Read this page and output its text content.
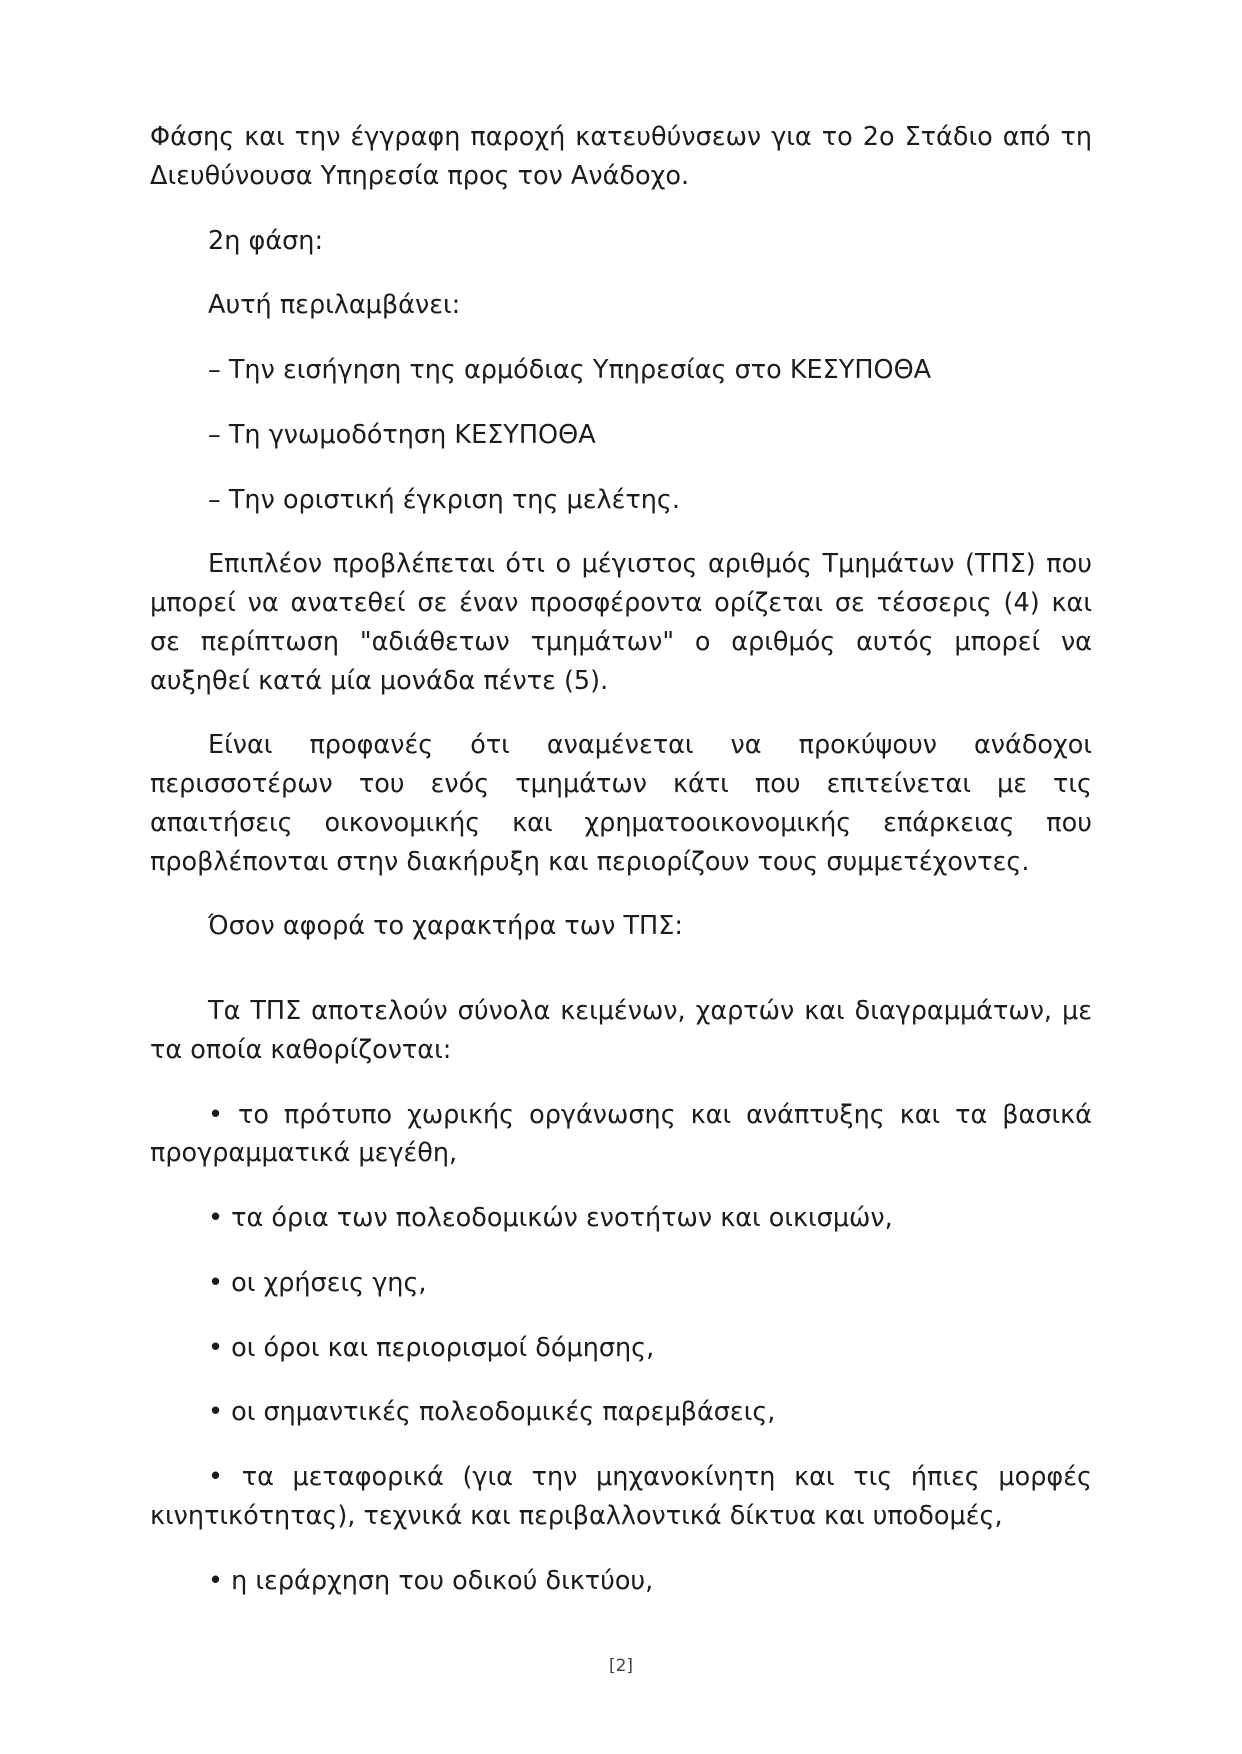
Φάσης και την έγγραφη παροχή κατευθύνσεων για το 2ο Στάδιο από τη Διευθύνουσα Υπηρεσία προς τον Ανάδοχο.

2η φάση:

Αυτή περιλαμβάνει:

– Την εισήγηση της αρμόδιας Υπηρεσίας στο ΚΕΣΥΠΟΘΑ

– Τη γνωμοδότηση ΚΕΣΥΠΟΘΑ

– Την οριστική έγκριση της μελέτης.

Επιπλέον προβλέπεται ότι ο μέγιστος αριθμός Τμημάτων (ΤΠΣ) που μπορεί να ανατεθεί σε έναν προσφέροντα ορίζεται σε τέσσερις (4) και σε περίπτωση "αδιάθετων τμημάτων" ο αριθμός αυτός μπορεί να αυξηθεί κατά μία μονάδα πέντε (5).

Είναι προφανές ότι αναμένεται να προκύψουν ανάδοχοι περισσοτέρων του ενός τμημάτων κάτι που επιτείνεται με τις απαιτήσεις οικονομικής και χρηματοοικονομικής επάρκειας που προβλέπονται στην διακήρυξη και περιορίζουν τους συμμετέχοντες.

Όσον αφορά το χαρακτήρα των ΤΠΣ:

Τα ΤΠΣ αποτελούν σύνολα κειμένων, χαρτών και διαγραμμάτων, με τα οποία καθορίζονται:

• το πρότυπο χωρικής οργάνωσης και ανάπτυξης και τα βασικά προγραμματικά μεγέθη,

• τα όρια των πολεοδομικών ενοτήτων και οικισμών,

• οι χρήσεις γης,

• οι όροι και περιορισμοί δόμησης,

• οι σημαντικές πολεοδομικές παρεμβάσεις,

• τα μεταφορικά (για την μηχανοκίνητη και τις ήπιες μορφές κινητικότητας), τεχνικά και περιβαλλοντικά δίκτυα και υποδομές,

• η ιεράρχηση του οδικού δικτύου,

[2]
